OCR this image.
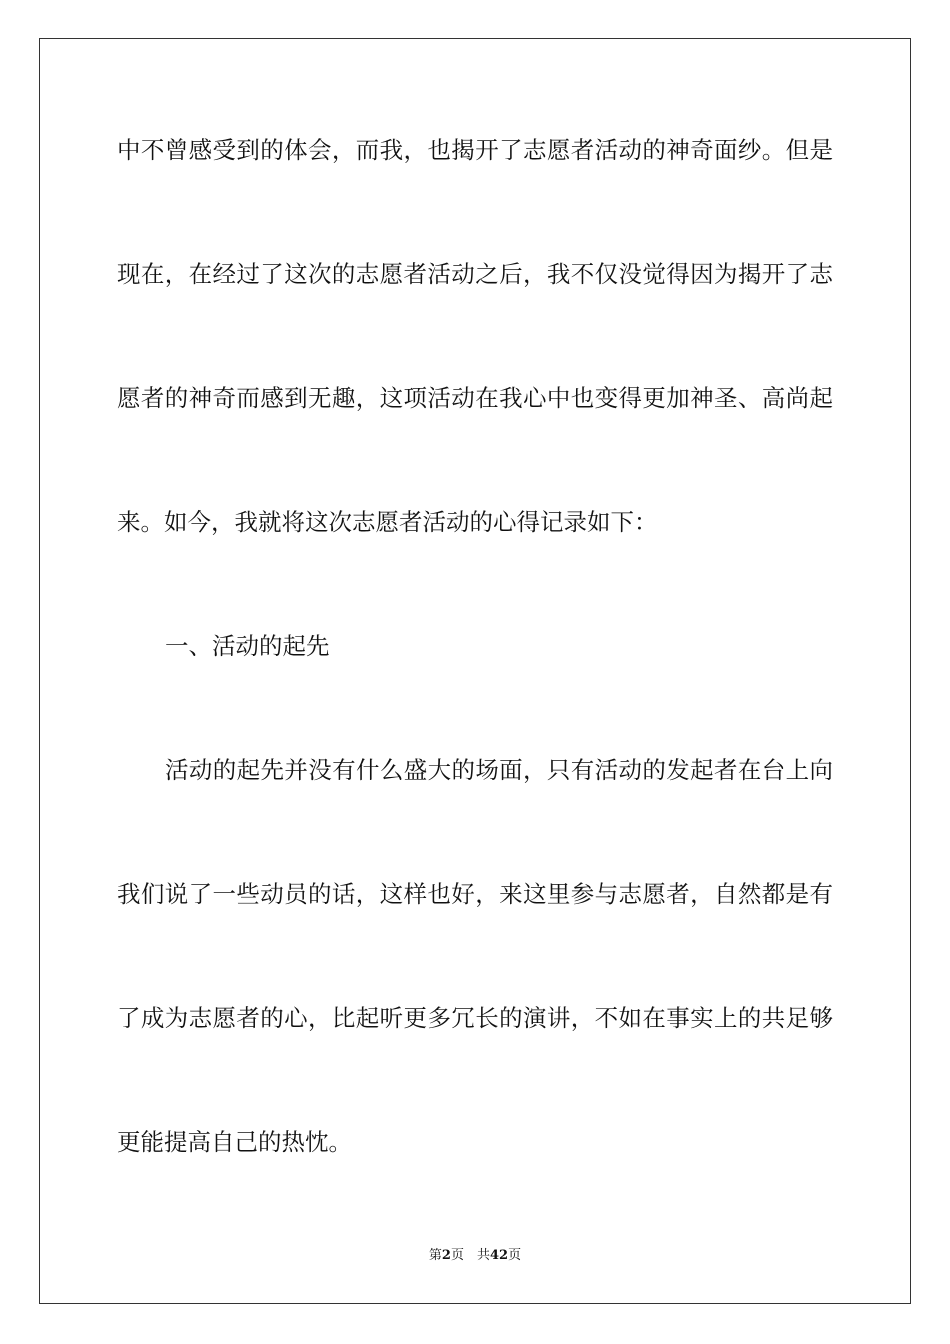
中不曾感受到的体会，而我，也揭开了志愿者活动的神奇面纱。但是
现在，在经过了这次的志愿者活动之后，我不仅没觉得因为揭开了志
愿者的神奇而感到无趣，这项活动在我心中也变得更加神圣、高尚起
来。如今，我就将这次志愿者活动的心得记录如下：
一、活动的起先
活动的起先并没有什么盛大的场面，只有活动的发起者在台上向
我们说了一些动员的话，这样也好，来这里参与志愿者，自然都是有
了成为志愿者的心，比起听更多冗长的演讲，不如在事实上的共足够
更能提高自己的热忱。
第2页　共42页
